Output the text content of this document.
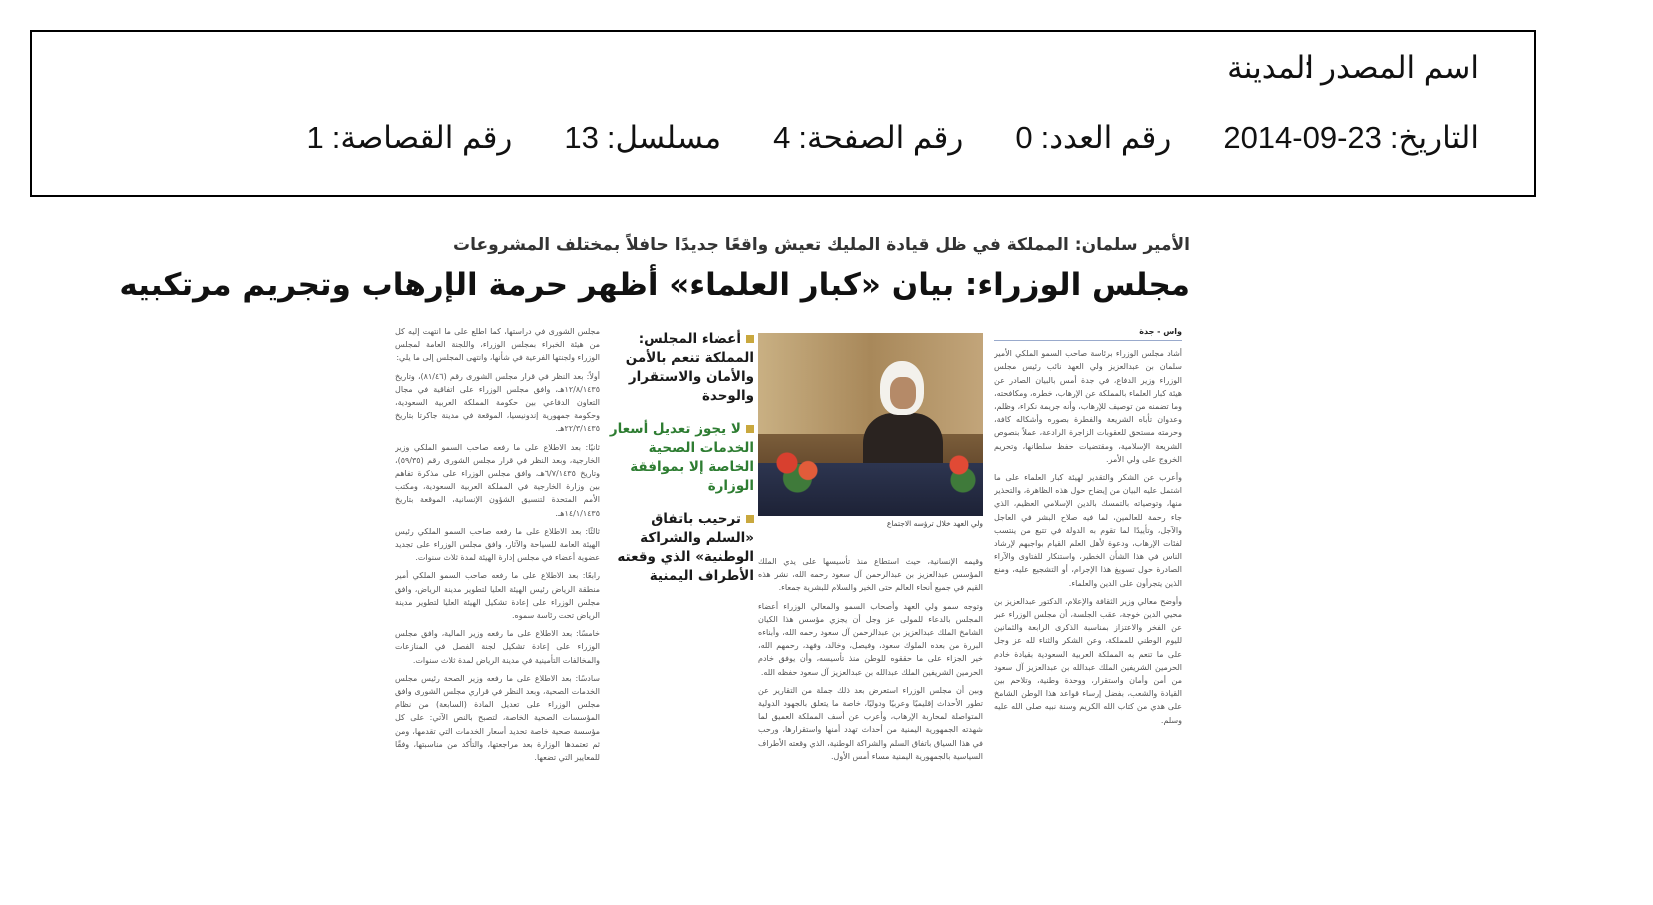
اسم المصدر :
المدينة
التاريخ:
2014-09-23
رقم العدد:
0
رقم الصفحة:
4
مسلسل:
13
رقم القصاصة:
1
الأمير سلمان: المملكة في ظل قيادة المليك تعيش واقعًا جديدًا حافلاً بمختلف المشروعات
مجلس الوزراء: بيان «كبار العلماء» أظهر حرمة الإرهاب وتجريم مرتكبيه
واس - جدة

أشاد مجلس الوزراء برئاسة صاحب السمو الملكي الأمير سلمان بن عبدالعزيز ولي العهد نائب رئيس مجلس الوزراء وزير الدفاع، في جدة أمس بالبيان الصادر عن هيئة كبار العلماء بالمملكة عن الإرهاب، خطره، ومكافحته، وما تضمنه من توصيف للإرهاب، وأنه جريمة نكراء، وظلم، وعدوان تأباه الشريعة والفطرة بصوره وأشكاله كافة، وحرمته مستحق للعقوبات الزاجرة الرادعة، عملاً بنصوص الشريعة الإسلامية، ومقتضيات حفظ سلطانها، وتحريم الخروج على ولي الأمر.

وأعرب عن الشكر والتقدير لهيئة كبار العلماء على ما اشتمل عليه البيان من إيضاح حول هذه الظاهرة، والتحذير منها، وتوصياته بالتمسك بالدين الإسلامي العظيم، الذي جاء رحمة للعالمين، لما فيه صلاح البشر في العاجل والآجل، وتأييدًا لما تقوم به الدولة في تتبع من ينتسب لفئات الإرهاب، ودعوة لأهل العلم القيام بواجبهم لإرشاد الناس في هذا الشأن الخطير، واستنكار للفتاوى والآراء الصادرة حول تسويغ هذا الإجرام، أو التشجيع عليه، ومنع الذين يتجرأون على الدين والعلماء.

وأوضح معالي وزير الثقافة والإعلام، الدكتور عبدالعزيز بن محيي الدين خوجة، عقب الجلسة، أن مجلس الوزراء عبر عن الفخر والاعتزاز بمناسبة الذكرى الرابعة والثمانين لليوم الوطني للمملكة، وعن الشكر والثناء لله عز وجل على ما تنعم به المملكة العربية السعودية بقيادة خادم الحرمين الشريفين الملك عبدالله بن عبدالعزيز آل سعود من أمن وأمان واستقرار، ووحدة وطنية، وتلاحم بين القيادة والشعب، بفضل إرساء قواعد هذا الوطن الشامخ على هدي من كتاب الله الكريم وسنة نبيه صلى الله عليه وسلم.

ولي العهد خلال ترؤسه الاجتماع
أعضاء المجلس: المملكة تنعم بالأمن والأمان والاستقرار والوحدة
لا يجوز تعديل أسعار الخدمات الصحية الخاصة إلا بموافقة الوزارة
ترحيب باتفاق «السلم والشراكة الوطنية» الذي وقعته الأطراف اليمنية

وقيمه الإنسانية، حيث استطاع منذ تأسيسها على يدي الملك المؤسس عبدالعزيز بن عبدالرحمن آل سعود رحمه الله، نشر هذه القيم في جميع أنحاء العالم حتى الخير والسلام للبشرية جمعاء.

وتوجه سمو ولي العهد وأصحاب السمو والمعالي الوزراء أعضاء المجلس بالدعاء للمولى عز وجل أن يجزي مؤسس هذا الكيان الشامخ الملك عبدالعزيز بن عبدالرحمن آل سعود رحمه الله، وأبناءه البررة من بعده الملوك سعود، وفيصل، وخالد، وفهد، رحمهم الله، خير الجزاء على ما حققوه للوطن منذ تأسيسه، وأن يوفق خادم الحرمين الشريفين الملك عبدالله بن عبدالعزيز آل سعود حفظه الله.

وبين أن مجلس الوزراء استعرض بعد ذلك جملة من التقارير عن تطور الأحداث إقليميًا وعربيًا ودوليًا، خاصة ما يتعلق بالجهود الدولية المتواصلة لمحاربة الإرهاب، وأعرب عن أسف المملكة العميق لما شهدته الجمهورية اليمنية من أحداث تهدد أمنها واستقرارها، ورحب في هذا السياق باتفاق السلم والشراكة الوطنية، الذي وقعته الأطراف السياسية بالجمهورية اليمنية مساء أمس الأول.

مجلس الشورى في دراستها، كما اطلع على ما انتهت إليه كل من هيئة الخبراء بمجلس الوزراء، واللجنة العامة لمجلس الوزراء ولجنتها الفرعية في شأنها، وانتهى المجلس إلى ما يلي:

أولاً: بعد النظر في قرار مجلس الشورى رقم (٨١/٤٦)، وتاريخ ١٢/٨/١٤٣٥هـ، وافق مجلس الوزراء على اتفاقية في مجال التعاون الدفاعي بين حكومة المملكة العربية السعودية، وحكومة جمهورية إندونيسيا، الموقعة في مدينة جاكرتا بتاريخ ٢٢/٣/١٤٣٥هـ.

ثانيًا: بعد الاطلاع على ما رفعه صاحب السمو الملكي وزير الخارجية، وبعد النظر في قرار مجلس الشورى رقم (٥٩/٣٥)، وتاريخ ٦/٧/١٤٣٥هـ، وافق مجلس الوزراء على مذكرة تفاهم بين وزارة الخارجية في المملكة العربية السعودية، ومكتب الأمم المتحدة لتنسيق الشؤون الإنسانية، الموقعة بتاريخ ١٤/١/١٤٣٥هـ.

ثالثًا: بعد الاطلاع على ما رفعه صاحب السمو الملكي رئيس الهيئة العامة للسياحة والآثار، وافق مجلس الوزراء على تجديد عضوية أعضاء في مجلس إدارة الهيئة لمدة ثلاث سنوات.

رابعًا: بعد الاطلاع على ما رفعه صاحب السمو الملكي أمير منطقة الرياض رئيس الهيئة العليا لتطوير مدينة الرياض، وافق مجلس الوزراء على إعادة تشكيل الهيئة العليا لتطوير مدينة الرياض تحت رئاسة سموه.

خامسًا: بعد الاطلاع على ما رفعه وزير المالية، وافق مجلس الوزراء على إعادة تشكيل لجنة الفصل في المنازعات والمخالفات التأمينية في مدينة الرياض لمدة ثلاث سنوات.

سادسًا: بعد الاطلاع على ما رفعه وزير الصحة رئيس مجلس الخدمات الصحية، وبعد النظر في قراري مجلس الشورى وافق مجلس الوزراء على تعديل المادة (السابعة) من نظام المؤسسات الصحية الخاصة، لتصبح بالنص الآتي: على كل مؤسسة صحية خاصة تحديد أسعار الخدمات التي تقدمها، ومن ثم تعتمدها الوزارة بعد مراجعتها، والتأكد من مناسبتها، وفقًا للمعايير التي تضعها.
